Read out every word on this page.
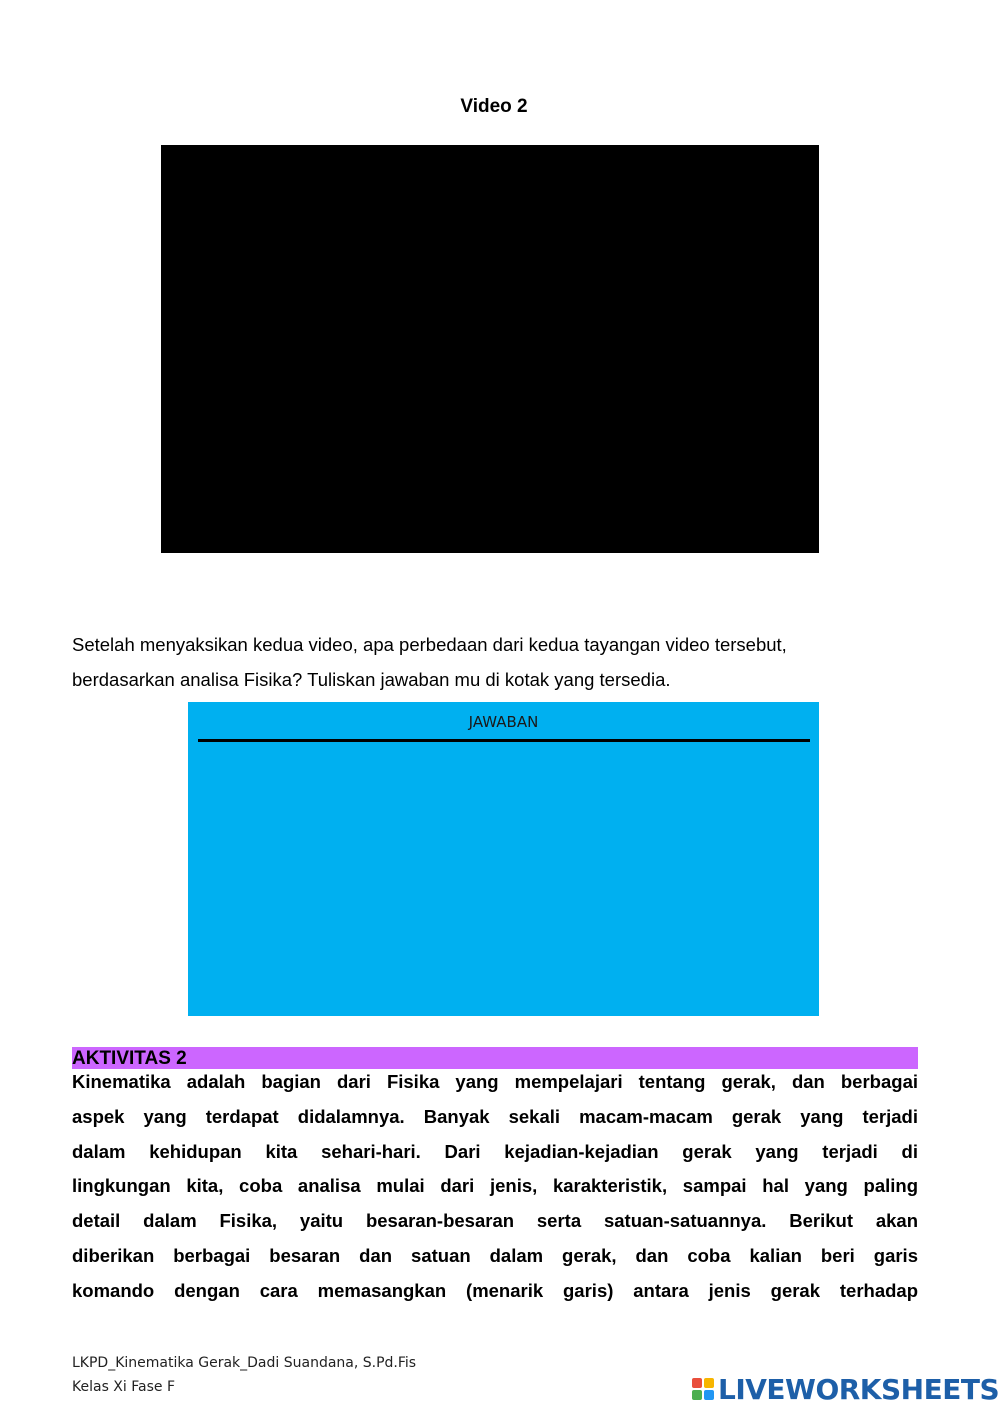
Video 2
Setelah menyaksikan kedua video, apa perbedaan dari kedua tayangan video tersebut,
berdasarkan analisa Fisika? Tuliskan jawaban mu di kotak yang tersedia.
JAWABAN
AKTIVITAS 2
Kinematika adalah bagian dari Fisika yang mempelajari tentang gerak, dan berbagai
aspek yang terdapat didalamnya. Banyak sekali macam-macam gerak yang terjadi
dalam kehidupan kita sehari-hari. Dari kejadian-kejadian gerak yang terjadi di
lingkungan kita, coba analisa mulai dari jenis, karakteristik, sampai hal yang paling
detail dalam Fisika, yaitu besaran-besaran serta satuan-satuannya. Berikut akan
diberikan berbagai besaran dan satuan dalam gerak, dan coba kalian beri garis
komando dengan cara memasangkan (menarik garis) antara jenis gerak terhadap
LKPD_Kinematika Gerak_Dadi Suandana, S.Pd.Fis
Kelas Xi Fase F	LIVEWORKSHEETS
